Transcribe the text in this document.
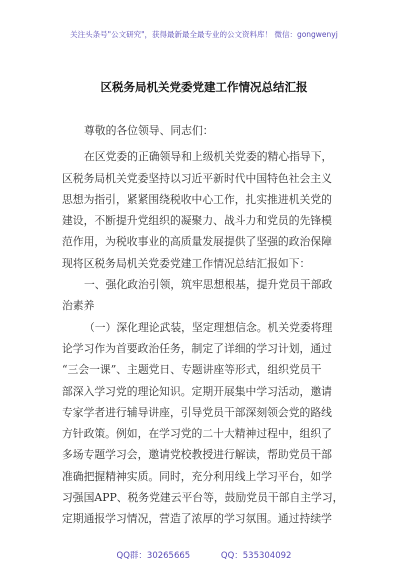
关注头条号"公文研究"，获得最新最全最专业的公文资料库！ 微信：gongwenyj
区税务局机关党委党建工作情况总结汇报
尊敬的各位领导、同志们：
在区党委的正确领导和上级机关党委的精心指导下，
区税务局机关党委坚持以习近平新时代中国特色社会主义
思想为指引，紧紧围绕税收中心工作，扎实推进机关党的
建设，不断提升党组织的凝聚力、战斗力和党员的先锋模
范作用，为税收事业的高质量发展提供了坚强的政治保障
现将区税务局机关党委党建工作情况总结汇报如下：
一、强化政治引领，筑牢思想根基，提升党员干部政
治素养
（一）深化理论武装，坚定理想信念。机关党委将理
论学习作为首要政治任务，制定了详细的学习计划，通过
“三会一课”、主题党日、专题讲座等形式，组织党员干
部深入学习党的理论知识。定期开展集中学习活动，邀请
专家学者进行辅导讲座，引导党员干部深刻领会党的路线
方针政策。例如，在学习党的二十大精神过程中，组织了
多场专题学习会，邀请党校教授进行解读，帮助党员干部
准确把握精神实质。同时，充分利用线上学习平台，如学
习强国APP、税务党建云平台等，鼓励党员干部自主学习，
定期通报学习情况，营造了浓厚的学习氛围。通过持续学
QQ群：30265665	QQ：535304092
